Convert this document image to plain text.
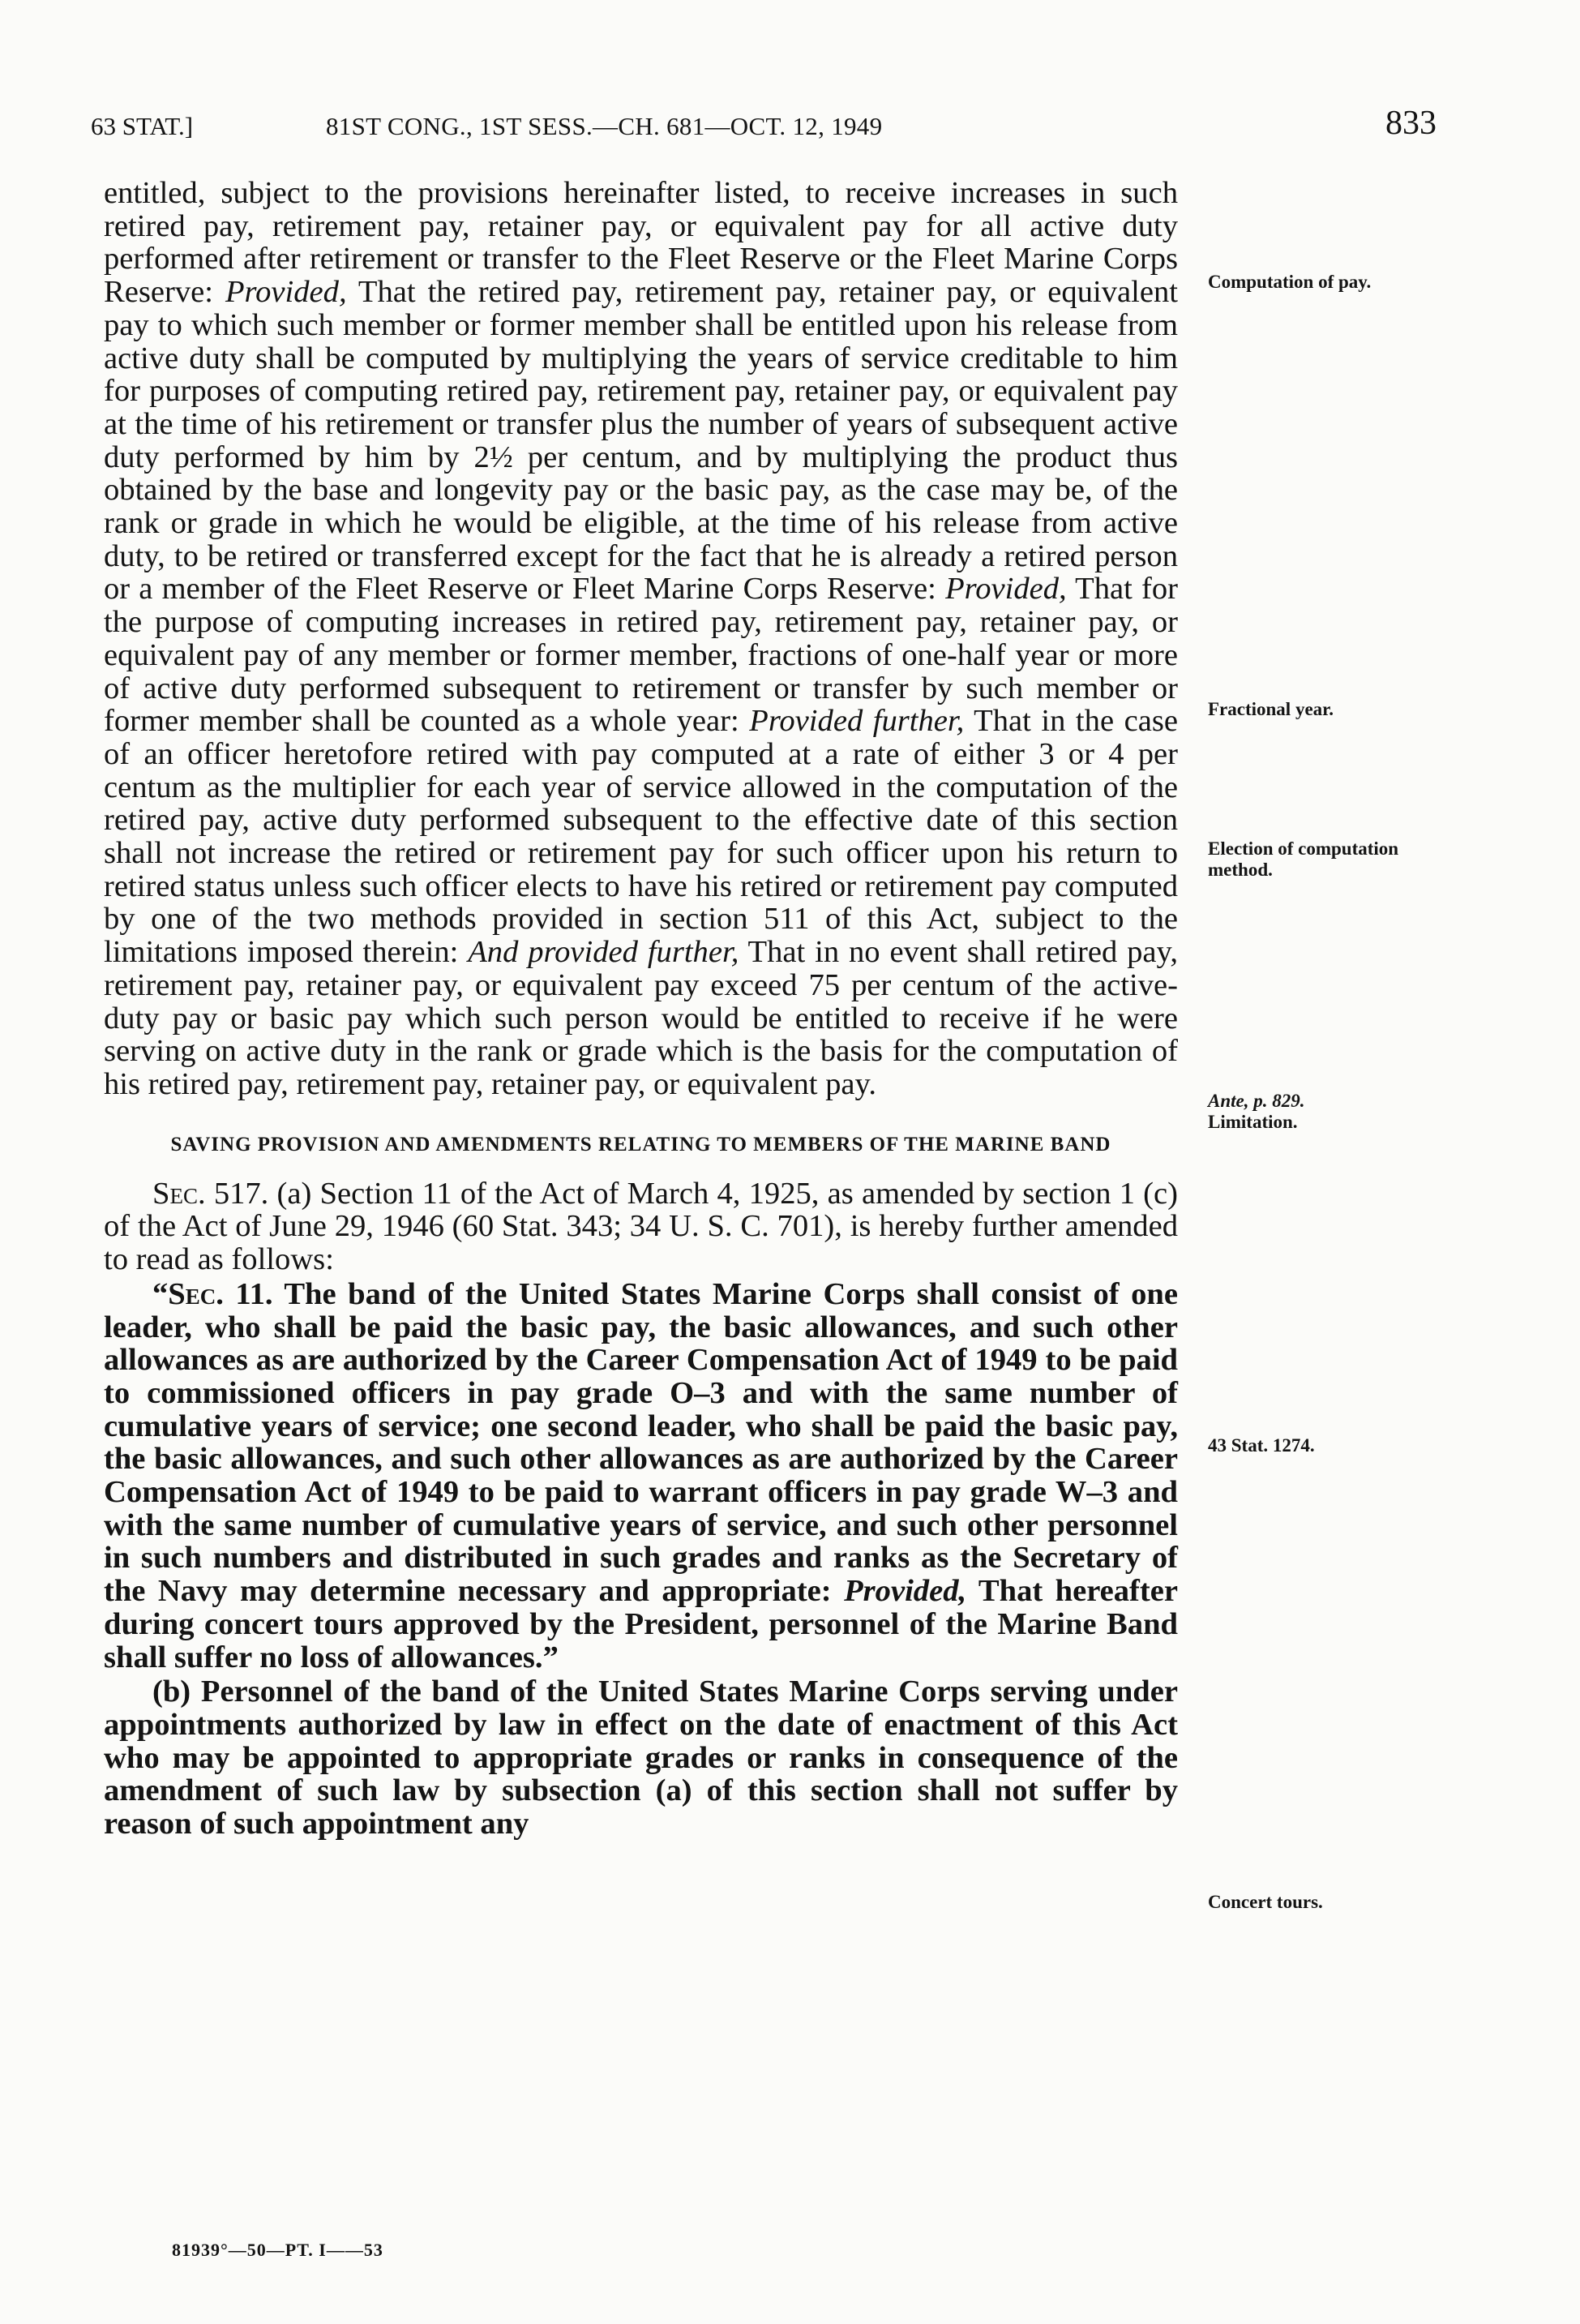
63 STAT.]	81ST CONG., 1ST SESS.—CH. 681—OCT. 12, 1949	833

entitled, subject to the provisions hereinafter listed, to receive increases in such retired pay, retirement pay, retainer pay, or equivalent pay for all active duty performed after retirement or transfer to the Fleet Reserve or the Fleet Marine Corps Reserve: Provided, That the retired pay, retirement pay, retainer pay, or equivalent pay to which such member or former member shall be entitled upon his release from active duty shall be computed by multiplying the years of service creditable to him for purposes of computing retired pay, retirement pay, retainer pay, or equivalent pay at the time of his retirement or transfer plus the number of years of subsequent active duty performed by him by 2½ per centum, and by multiplying the product thus obtained by the base and longevity pay or the basic pay, as the case may be, of the rank or grade in which he would be eligible, at the time of his release from active duty, to be retired or transferred except for the fact that he is already a retired person or a member of the Fleet Reserve or Fleet Marine Corps Reserve: Provided, That for the purpose of computing increases in retired pay, retirement pay, retainer pay, or equivalent pay of any member or former member, fractions of one-half year or more of active duty performed subsequent to retirement or transfer by such member or former member shall be counted as a whole year: Provided further, That in the case of an officer heretofore retired with pay computed at a rate of either 3 or 4 per centum as the multiplier for each year of service allowed in the computation of the retired pay, active duty performed subsequent to the effective date of this section shall not increase the retired or retirement pay for such officer upon his return to retired status unless such officer elects to have his retired or retirement pay computed by one of the two methods provided in section 511 of this Act, subject to the limitations imposed therein: And provided further, That in no event shall retired pay, retirement pay, retainer pay, or equivalent pay exceed 75 per centum of the active-duty pay or basic pay which such person would be entitled to receive if he were serving on active duty in the rank or grade which is the basis for the computation of his retired pay, retirement pay, retainer pay, or equivalent pay.

SAVING PROVISION AND AMENDMENTS RELATING TO MEMBERS OF THE MARINE BAND

Sec. 517. (a) Section 11 of the Act of March 4, 1925, as amended by section 1 (c) of the Act of June 29, 1946 (60 Stat. 343; 34 U. S. C. 701), is hereby further amended to read as follows:

“Sec. 11. The band of the United States Marine Corps shall consist of one leader, who shall be paid the basic pay, the basic allowances, and such other allowances as are authorized by the Career Compensation Act of 1949 to be paid to commissioned officers in pay grade O–3 and with the same number of cumulative years of service; one second leader, who shall be paid the basic pay, the basic allowances, and such other allowances as are authorized by the Career Compensation Act of 1949 to be paid to warrant officers in pay grade W–3 and with the same number of cumulative years of service, and such other personnel in such numbers and distributed in such grades and ranks as the Secretary of the Navy may determine necessary and appropriate: Provided, That hereafter during concert tours approved by the President, personnel of the Marine Band shall suffer no loss of allowances.”

(b) Personnel of the band of the United States Marine Corps serving under appointments authorized by law in effect on the date of enactment of this Act who may be appointed to appropriate grades or ranks in consequence of the amendment of such law by subsection (a) of this section shall not suffer by reason of such appointment any

Computation of pay.
Fractional year.
Election of computation method.
Ante, p. 829.
Limitation.
43 Stat. 1274.
Concert tours.
81939°—50—PT. I——53
